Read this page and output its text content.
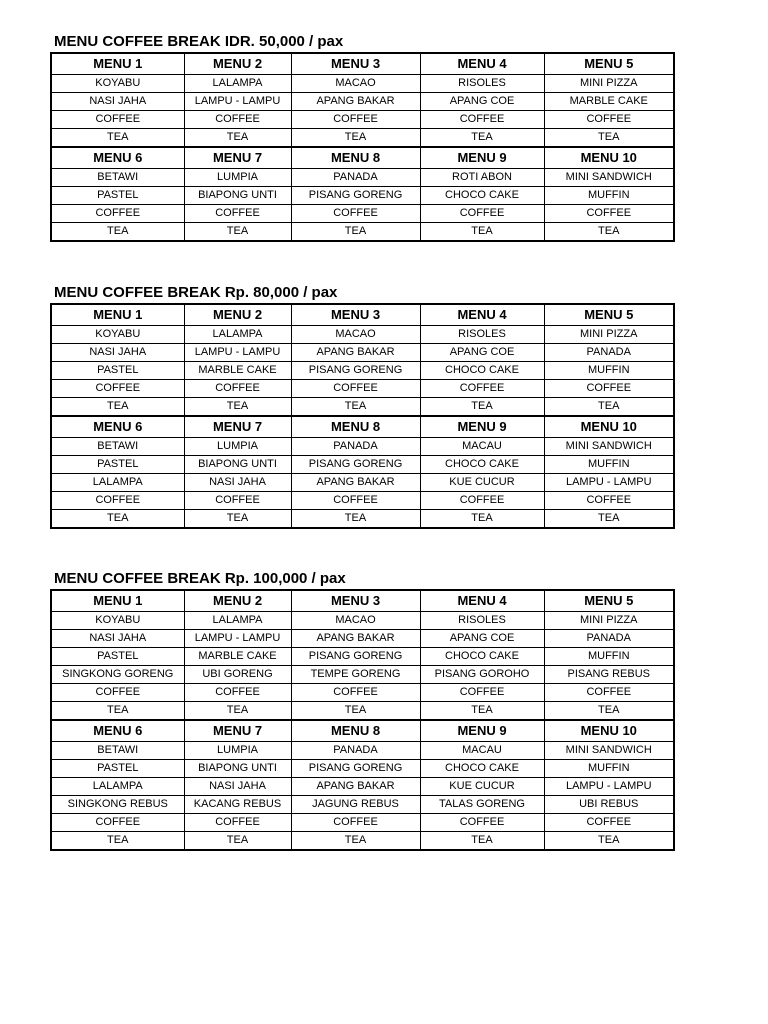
MENU COFFEE BREAK IDR. 50,000 / pax
MENU 1	MENU 2	MENU 3	MENU 4	MENU 5
KOYABU	LALAMPA	MACAO	RISOLES	MINI PIZZA
NASI JAHA	LAMPU - LAMPU	APANG BAKAR	APANG COE	MARBLE CAKE
COFFEE	COFFEE	COFFEE	COFFEE	COFFEE
TEA	TEA	TEA	TEA	TEA
MENU 6	MENU 7	MENU 8	MENU 9	MENU 10
BETAWI	LUMPIA	PANADA	ROTI ABON	MINI SANDWICH
PASTEL	BIAPONG UNTI	PISANG GORENG	CHOCO CAKE	MUFFIN
COFFEE	COFFEE	COFFEE	COFFEE	COFFEE
TEA	TEA	TEA	TEA	TEA
MENU COFFEE BREAK Rp. 80,000 / pax
MENU 1	MENU 2	MENU 3	MENU 4	MENU 5
KOYABU	LALAMPA	MACAO	RISOLES	MINI PIZZA
NASI JAHA	LAMPU - LAMPU	APANG BAKAR	APANG COE	PANADA
PASTEL	MARBLE CAKE	PISANG GORENG	CHOCO CAKE	MUFFIN
COFFEE	COFFEE	COFFEE	COFFEE	COFFEE
TEA	TEA	TEA	TEA	TEA
MENU 6	MENU 7	MENU 8	MENU 9	MENU 10
BETAWI	LUMPIA	PANADA	MACAU	MINI SANDWICH
PASTEL	BIAPONG UNTI	PISANG GORENG	CHOCO CAKE	MUFFIN
LALAMPA	NASI JAHA	APANG BAKAR	KUE CUCUR	LAMPU - LAMPU
COFFEE	COFFEE	COFFEE	COFFEE	COFFEE
TEA	TEA	TEA	TEA	TEA
MENU COFFEE BREAK Rp. 100,000 / pax
MENU 1	MENU 2	MENU 3	MENU 4	MENU 5
KOYABU	LALAMPA	MACAO	RISOLES	MINI PIZZA
NASI JAHA	LAMPU - LAMPU	APANG BAKAR	APANG COE	PANADA
PASTEL	MARBLE CAKE	PISANG GORENG	CHOCO CAKE	MUFFIN
SINGKONG GORENG	UBI GORENG	TEMPE GORENG	PISANG GOROHO	PISANG REBUS
COFFEE	COFFEE	COFFEE	COFFEE	COFFEE
TEA	TEA	TEA	TEA	TEA
MENU 6	MENU 7	MENU 8	MENU 9	MENU 10
BETAWI	LUMPIA	PANADA	MACAU	MINI SANDWICH
PASTEL	BIAPONG UNTI	PISANG GORENG	CHOCO CAKE	MUFFIN
LALAMPA	NASI JAHA	APANG BAKAR	KUE CUCUR	LAMPU - LAMPU
SINGKONG REBUS	KACANG REBUS	JAGUNG REBUS	TALAS GORENG	UBI REBUS
COFFEE	COFFEE	COFFEE	COFFEE	COFFEE
TEA	TEA	TEA	TEA	TEA
